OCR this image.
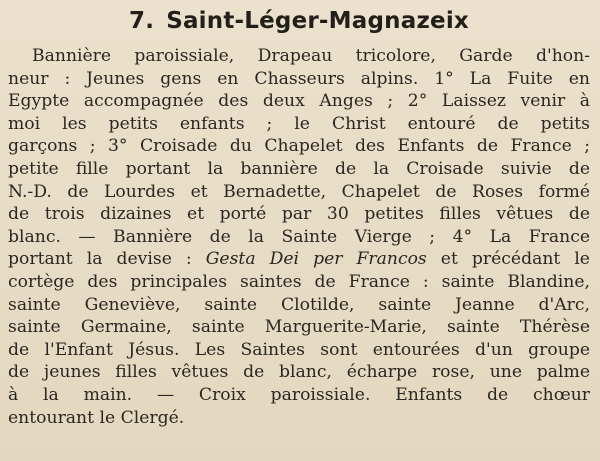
7. Saint-Léger-Magnazeix
Bannière paroissiale, Drapeau tricolore, Garde d'hon-
neur : Jeunes gens en Chasseurs alpins. 1° La Fuite en
Egypte accompagnée des deux Anges ; 2° Laissez venir à
moi les petits enfants ; le Christ entouré de petits
garçons ; 3° Croisade du Chapelet des Enfants de France ;
petite fille portant la bannière de la Croisade suivie de
N.-D. de Lourdes et Bernadette, Chapelet de Roses formé
de trois dizaines et porté par 30 petites filles vêtues de
blanc. — Bannière de la Sainte Vierge ; 4° La France
portant la devise : Gesta Dei per Francos et précédant le
cortège des principales saintes de France : sainte Blandine,
sainte Geneviève, sainte Clotilde, sainte Jeanne d'Arc,
sainte Germaine, sainte Marguerite-Marie, sainte Thérèse
de l'Enfant Jésus. Les Saintes sont entourées d'un groupe
de jeunes filles vêtues de blanc, écharpe rose, une palme
à la main. — Croix paroissiale. Enfants de chœur
entourant le Clergé.
